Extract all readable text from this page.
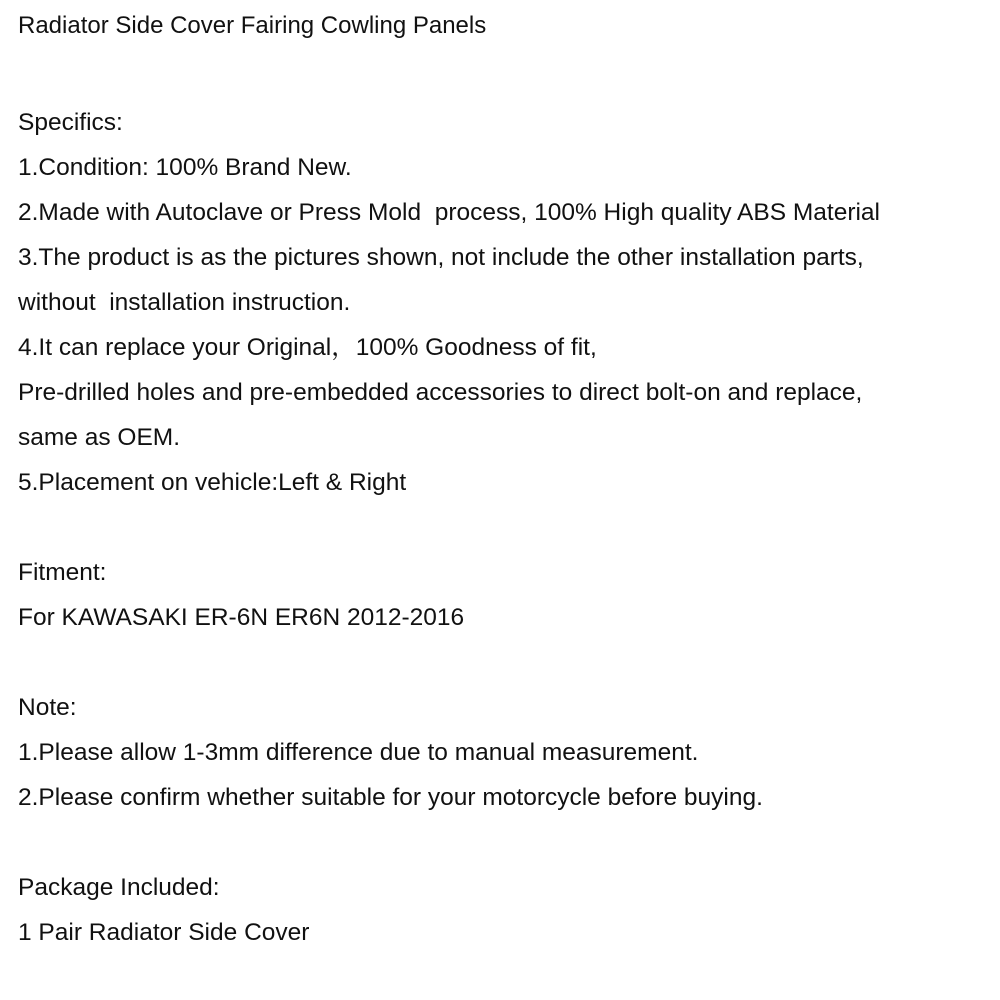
Radiator Side Cover Fairing Cowling Panels

Specifics:

1.Condition: 100% Brand New.

2.Made with Autoclave or Press Mold  process, 100% High quality ABS Material

3.The product is as the pictures shown, not include the other installation parts,

without  installation instruction.

4.It can replace your Original，100% Goodness of fit,

Pre-drilled holes and pre-embedded accessories to direct bolt-on and replace,

same as OEM.

5.Placement on vehicle:Left & Right

Fitment:

For KAWASAKI ER-6N ER6N 2012-2016

Note:

1.Please allow 1-3mm difference due to manual measurement.

2.Please confirm whether suitable for your motorcycle before buying.

Package Included:

1 Pair Radiator Side Cover
